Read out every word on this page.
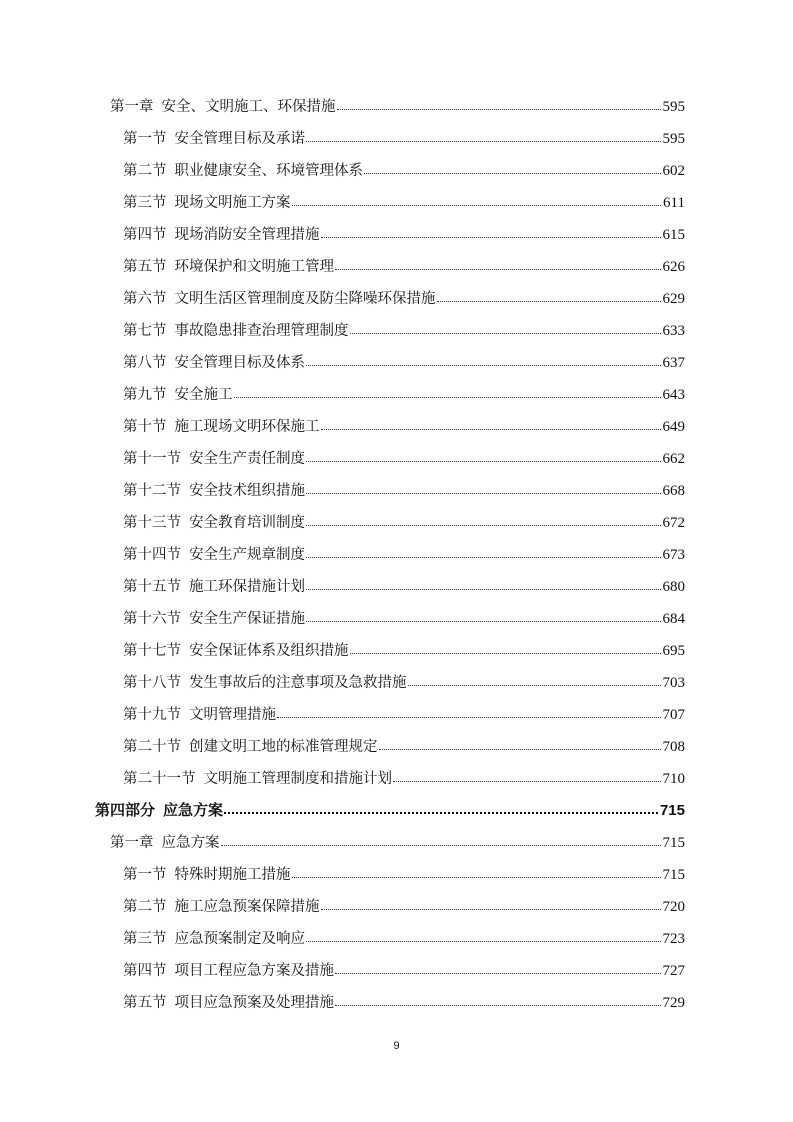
第一章 安全、文明施工、环保措施	595
第一节 安全管理目标及承诺	595
第二节 职业健康安全、环境管理体系	602
第三节 现场文明施工方案	611
第四节 现场消防安全管理措施	615
第五节 环境保护和文明施工管理	626
第六节 文明生活区管理制度及防尘降噪环保措施	629
第七节 事故隐患排查治理管理制度	633
第八节 安全管理目标及体系	637
第九节 安全施工	643
第十节 施工现场文明环保施工	649
第十一节 安全生产责任制度	662
第十二节 安全技术组织措施	668
第十三节 安全教育培训制度	672
第十四节 安全生产规章制度	673
第十五节 施工环保措施计划	680
第十六节 安全生产保证措施	684
第十七节 安全保证体系及组织措施	695
第十八节 发生事故后的注意事项及急救措施	703
第十九节 文明管理措施	707
第二十节 创建文明工地的标准管理规定	708
第二十一节 文明施工管理制度和措施计划	710
第四部分 应急方案	715
第一章 应急方案	715
第一节 特殊时期施工措施	715
第二节 施工应急预案保障措施	720
第三节 应急预案制定及响应	723
第四节 项目工程应急方案及措施	727
第五节 项目应急预案及处理措施	729
9
